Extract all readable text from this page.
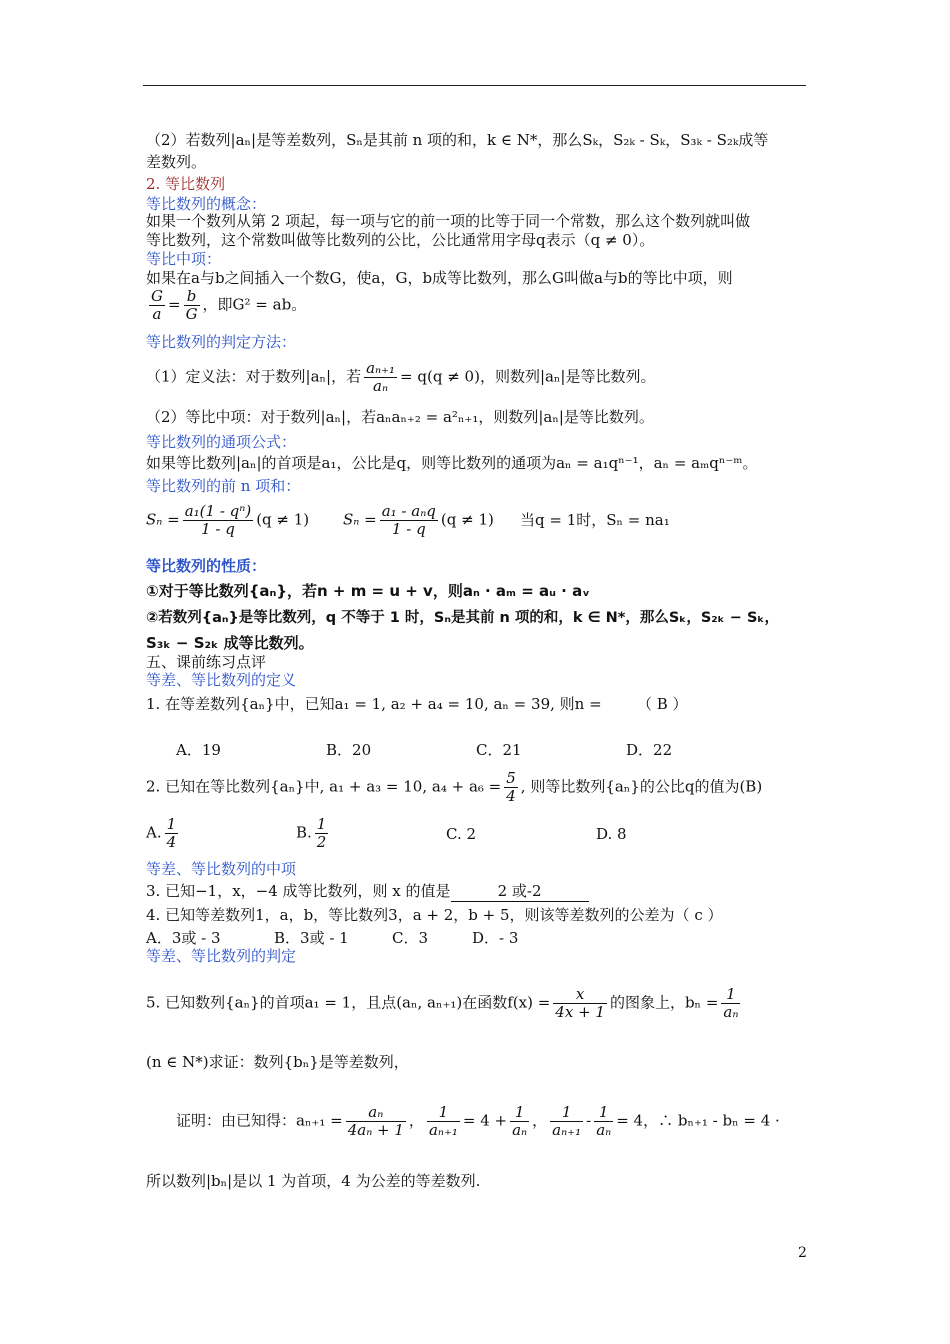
（2）若数列|aₙ|是等差数列，Sₙ是其前 n 项的和，k ∈ N*，那么Sₖ，S₂ₖ - Sₖ，S₃ₖ - S₂ₖ成等
差数列。
2. 等比数列
等比数列的概念：
如果一个数列从第 2 项起，每一项与它的前一项的比等于同一个常数，那么这个数列就叫做
等比数列，这个常数叫做等比数列的公比，公比通常用字母q表示（q ≠ 0）。
等比中项：
如果在a与b之间插入一个数G，使a，G，b成等比数列，那么G叫做a与b的等比中项，则
$\frac{G}{a} = \frac{b}{G}$ ，即G² = ab。
等比数列的判定方法：
（1）定义法：对于数列|aₙ|，若 $\frac{\text{aₙ₊₁}}{\text{aₙ}} = q(q \ne 0)$，则数列|aₙ|是等比数列。
（2）等比中项：对于数列|aₙ|，若aₙaₙ₊₂ = a²ₙ₊₁，则数列|aₙ|是等比数列。
等比数列的通项公式：
如果等比数列|aₙ|的首项是a₁，公比是q，则等比数列的通项为aₙ = a₁qⁿ⁻¹，aₙ = aₘqⁿ⁻ᵐ。
等比数列的前 n 项和：
$S_n = \frac{\text{a₁(1 - qⁿ)}}{1 - q} (q \ne 1) S_n = \frac{\text{a₁ - aₙq}}{1 - q} (q \ne 1)$ 当q = 1时，Sₙ = na₁
等比数列的性质：
①对于等比数列{aₙ}，若n + m = u + v，则aₙ · aₘ = aᵤ · aᵥ
②若数列{aₙ}是等比数列，q 不等于 1 时，Sₙ是其前 n 项的和，k ∈ N*，那么Sₖ，S₂ₖ − Sₖ，
S₃ₖ − S₂ₖ 成等比数列。
五、课前练习点评
等差、等比数列的定义
1. 在等差数列{aₙ}中，已知a₁ = 1, a₂ + a₄ = 10, aₙ = 39, 则n = （ B ）
A．19	B．20	C．21	D．22
2. 已知在等比数列{aₙ}中, a₁ + a₃ = 10, $a_4 + a_6 = \frac{5}{4}$ , 则等比数列{aₙ}的公比q的值为(B)
A. $\frac{1}{4}$	B. $\frac{1}{2}$	C. 2	D. 8
等差、等比数列的中项
3. 已知−1，x，−4 成等比数列，则 x 的值是	2 或-2
4. 已知等差数列1，a，b，等比数列3，a + 2，b + 5，则该等差数列的公差为（ c ）
A．3或 - 3	B．3或 - 1	C．3	D．- 3
等差、等比数列的判定
5. 已知数列{aₙ}的首项a₁ = 1，且点(aₙ, aₙ₊₁)在函数$f(x) = \frac{x}{4x + 1}$ 的图象上，$b_n = \frac{1}{\text{aₙ}}$
(n ∈ N*)求证：数列{bₙ}是等差数列，
证明：由已知得：$a_{n+1} = \frac{\text{aₙ}}{\text{4aₙ + 1}}$ ， $\frac{1}{\text{aₙ₊₁}} = 4 + \frac{1}{\text{aₙ}}$ ， $\frac{1}{\text{aₙ₊₁}} - \frac{1}{\text{aₙ}} = 4$，∴ bₙ₊₁ - bₙ = 4 ·
所以数列|bₙ|是以 1 为首项，4 为公差的等差数列.
2
